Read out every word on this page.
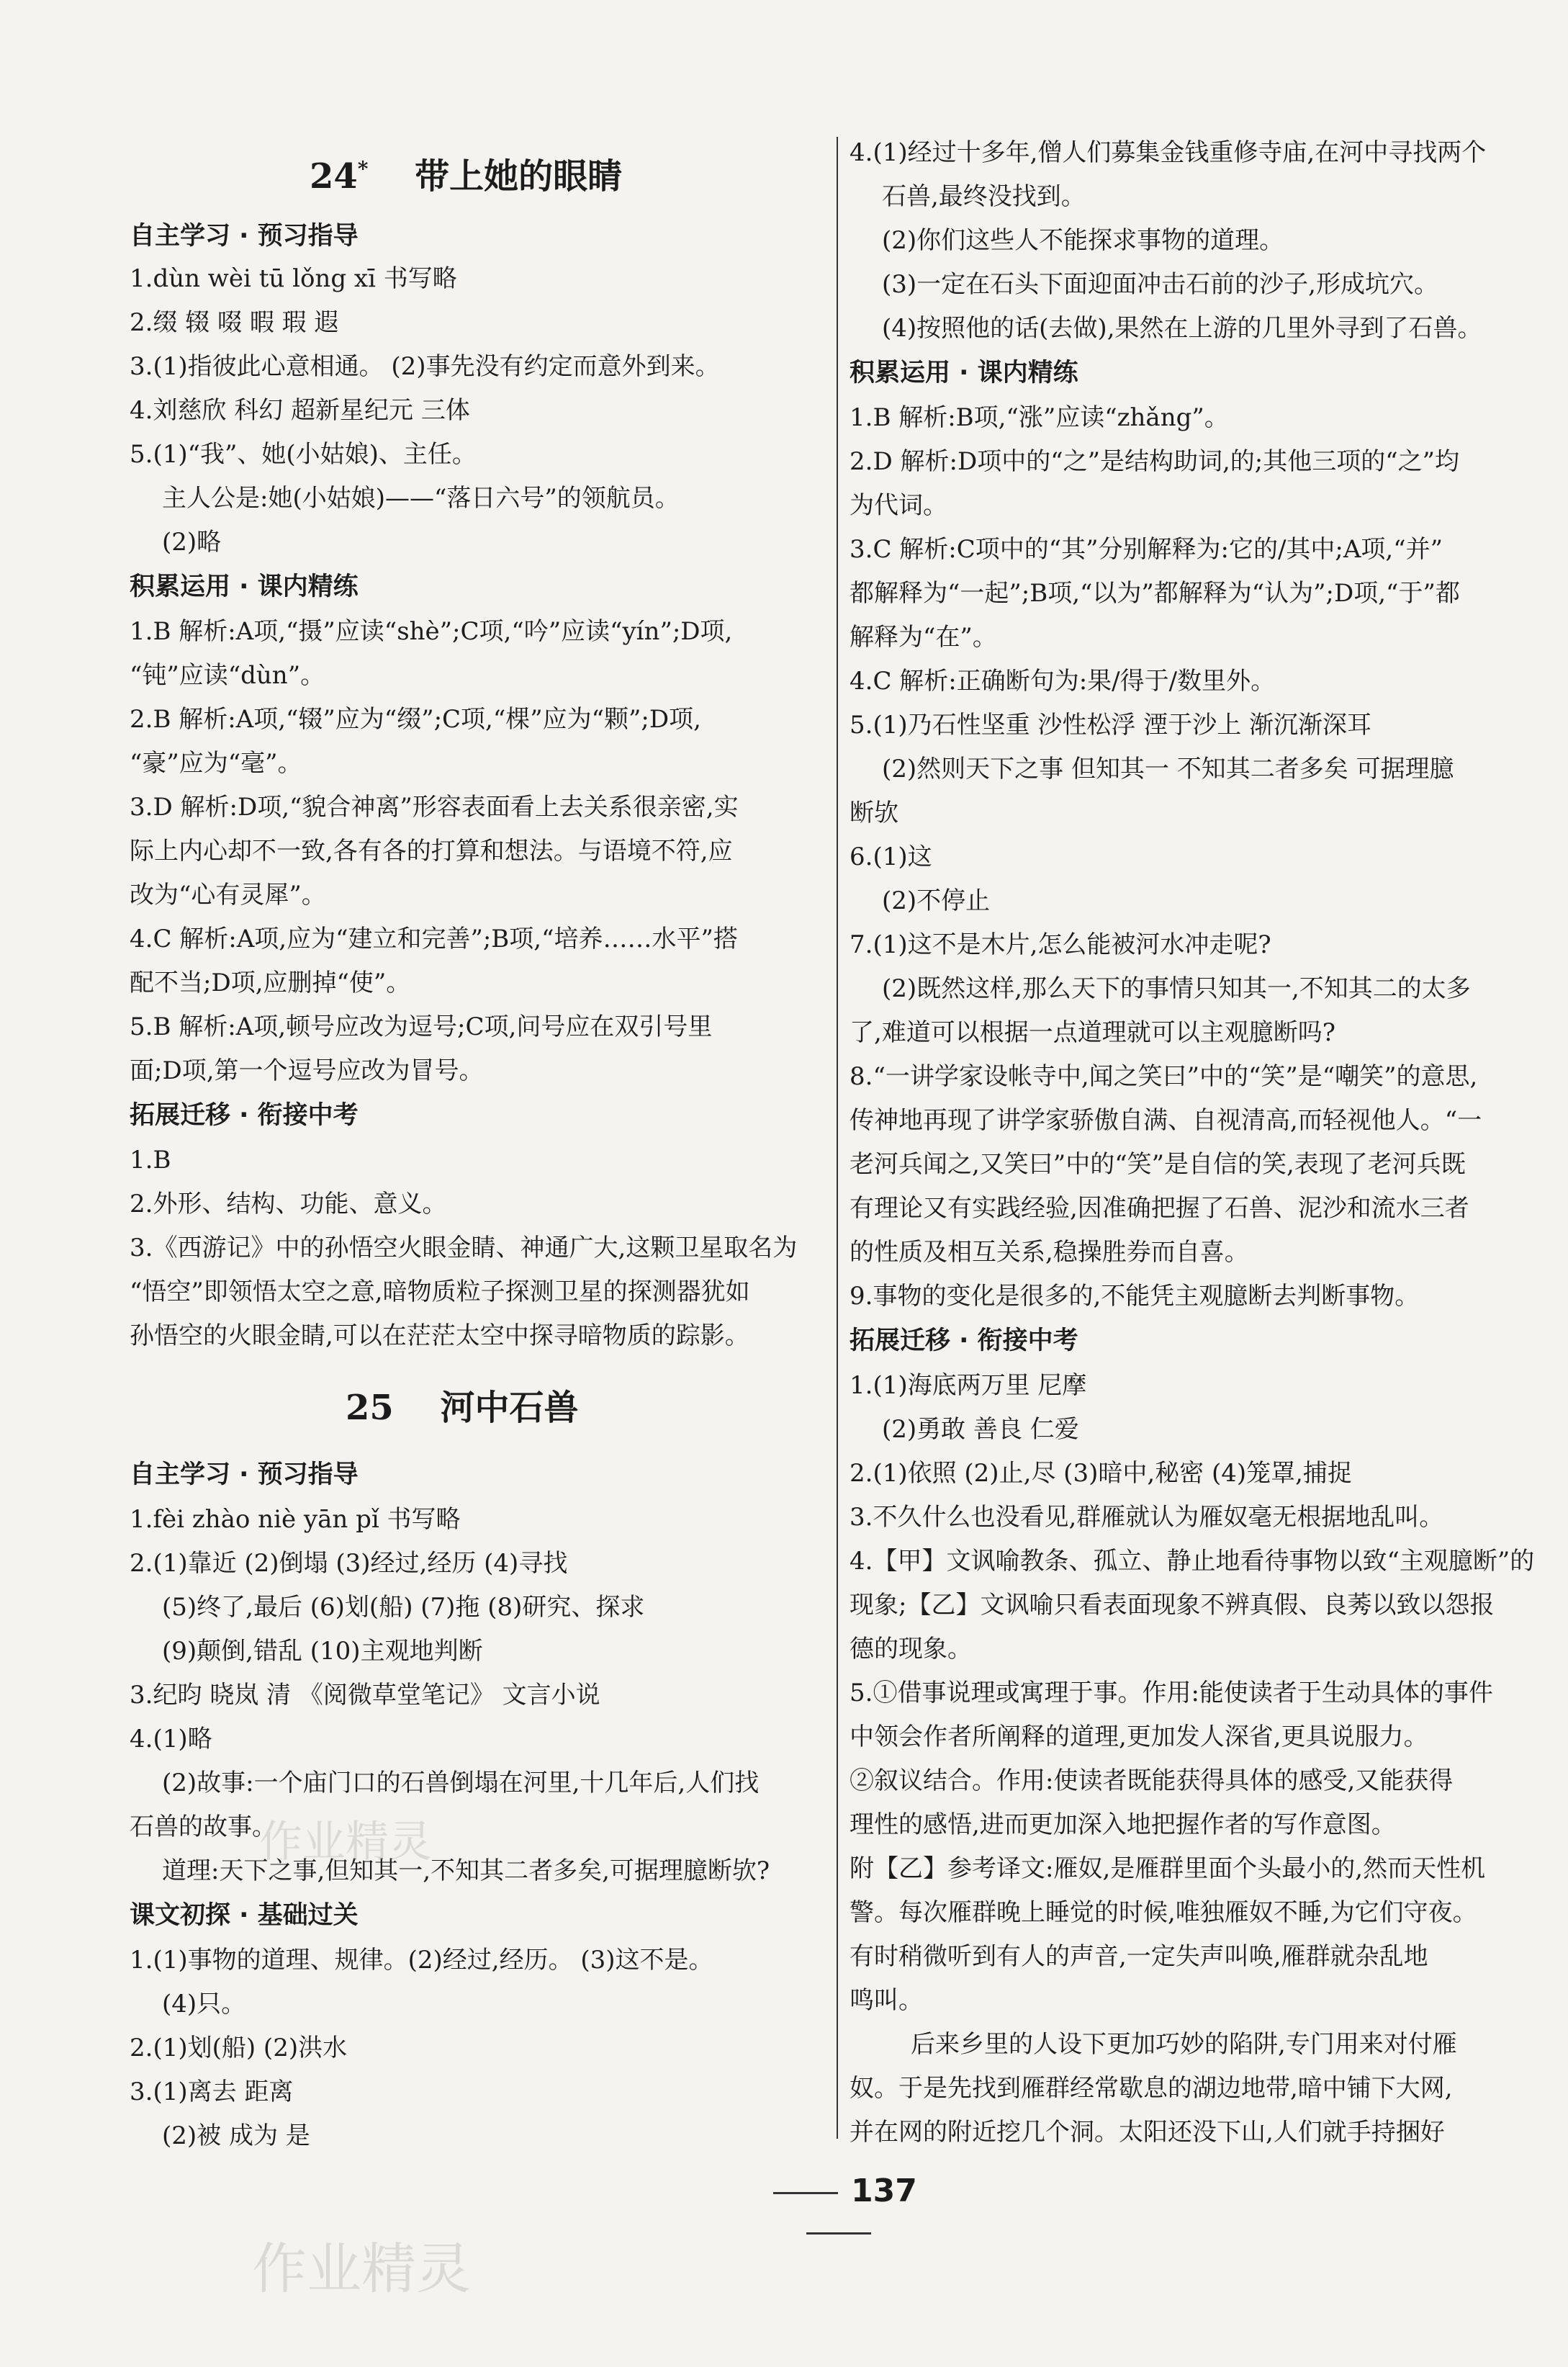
24* 带上她的眼睛
自主学习 · 预习指导
1.dùn wèi tū lǒng xī 书写略
2.缀 辍 啜 暇 瑕 遐
3.(1)指彼此心意相通。 (2)事先没有约定而意外到来。
4.刘慈欣 科幻 超新星纪元 三体
5.(1)“我”、她(小姑娘)、主任。
主人公是:她(小姑娘)——“落日六号”的领航员。
(2)略
积累运用 · 课内精练
1.B 解析:A项,“摄”应读“shè”;C项,“吟”应读“yín”;D项,
“钝”应读“dùn”。
2.B 解析:A项,“辍”应为“缀”;C项,“棵”应为“颗”;D项,
“豪”应为“毫”。
3.D 解析:D项,“貌合神离”形容表面看上去关系很亲密,实
际上内心却不一致,各有各的打算和想法。与语境不符,应
改为“心有灵犀”。
4.C 解析:A项,应为“建立和完善”;B项,“培养……水平”搭
配不当;D项,应删掉“使”。
5.B 解析:A项,顿号应改为逗号;C项,问号应在双引号里
面;D项,第一个逗号应改为冒号。
拓展迁移 · 衔接中考
1.B
2.外形、结构、功能、意义。
3.《西游记》中的孙悟空火眼金睛、神通广大,这颗卫星取名为
“悟空”即领悟太空之意,暗物质粒子探测卫星的探测器犹如
孙悟空的火眼金睛,可以在茫茫太空中探寻暗物质的踪影。
25 河中石兽
自主学习 · 预习指导
1.fèi zhào niè yān pǐ 书写略
2.(1)靠近 (2)倒塌 (3)经过,经历 (4)寻找
(5)终了,最后 (6)划(船) (7)拖 (8)研究、探求
(9)颠倒,错乱 (10)主观地判断
3.纪昀 晓岚 清 《阅微草堂笔记》 文言小说
4.(1)略
(2)故事:一个庙门口的石兽倒塌在河里,十几年后,人们找
石兽的故事。
道理:天下之事,但知其一,不知其二者多矣,可据理臆断欤?
课文初探 · 基础过关
1.(1)事物的道理、规律。(2)经过,经历。 (3)这不是。
(4)只。
2.(1)划(船) (2)洪水
3.(1)离去 距离
(2)被 成为 是
4.(1)经过十多年,僧人们募集金钱重修寺庙,在河中寻找两个
石兽,最终没找到。
(2)你们这些人不能探求事物的道理。
(3)一定在石头下面迎面冲击石前的沙子,形成坑穴。
(4)按照他的话(去做),果然在上游的几里外寻到了石兽。
积累运用 · 课内精练
1.B 解析:B项,“涨”应读“zhǎng”。
2.D 解析:D项中的“之”是结构助词,的;其他三项的“之”均
为代词。
3.C 解析:C项中的“其”分别解释为:它的/其中;A项,“并”
都解释为“一起”;B项,“以为”都解释为“认为”;D项,“于”都
解释为“在”。
4.C 解析:正确断句为:果/得于/数里外。
5.(1)乃石性坚重 沙性松浮 湮于沙上 渐沉渐深耳
(2)然则天下之事 但知其一 不知其二者多矣 可据理臆
断欤
6.(1)这
(2)不停止
7.(1)这不是木片,怎么能被河水冲走呢?
(2)既然这样,那么天下的事情只知其一,不知其二的太多
了,难道可以根据一点道理就可以主观臆断吗?
8.“一讲学家设帐寺中,闻之笑曰”中的“笑”是“嘲笑”的意思,
传神地再现了讲学家骄傲自满、自视清高,而轻视他人。“一
老河兵闻之,又笑曰”中的“笑”是自信的笑,表现了老河兵既
有理论又有实践经验,因准确把握了石兽、泥沙和流水三者
的性质及相互关系,稳操胜券而自喜。
9.事物的变化是很多的,不能凭主观臆断去判断事物。
拓展迁移 · 衔接中考
1.(1)海底两万里 尼摩
(2)勇敢 善良 仁爱
2.(1)依照 (2)止,尽 (3)暗中,秘密 (4)笼罩,捕捉
3.不久什么也没看见,群雁就认为雁奴毫无根据地乱叫。
4.【甲】文讽喻教条、孤立、静止地看待事物以致“主观臆断”的
现象;【乙】文讽喻只看表面现象不辨真假、良莠以致以怨报
德的现象。
5.①借事说理或寓理于事。作用:能使读者于生动具体的事件
中领会作者所阐释的道理,更加发人深省,更具说服力。
②叙议结合。作用:使读者既能获得具体的感受,又能获得
理性的感悟,进而更加深入地把握作者的写作意图。
附【乙】参考译文:雁奴,是雁群里面个头最小的,然而天性机
警。每次雁群晚上睡觉的时候,唯独雁奴不睡,为它们守夜。
有时稍微听到有人的声音,一定失声叫唤,雁群就杂乱地
鸣叫。
后来乡里的人设下更加巧妙的陷阱,专门用来对付雁
奴。于是先找到雁群经常歇息的湖边地带,暗中铺下大网,
并在网的附近挖几个洞。太阳还没下山,人们就手持捆好
137
作业精灵
作业精灵
